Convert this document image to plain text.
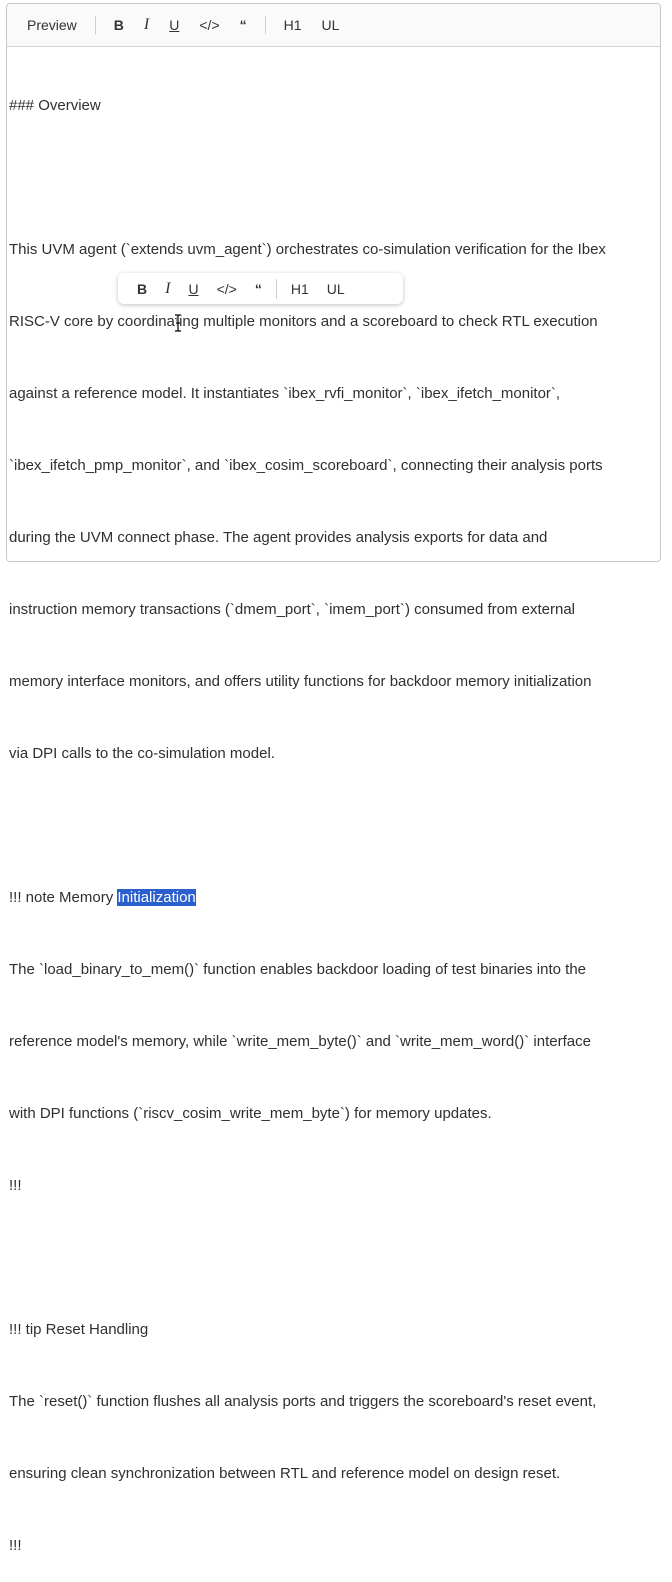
Preview	B	I	U	</>	“	H1	UL

### Overview

This UVM agent (`extends uvm_agent`) orchestrates co-simulation verification for the Ibex

RISC-V core by coordinating multiple monitors and a scoreboard to check RTL execution

against a reference model. It instantiates `ibex_rvfi_monitor`, `ibex_ifetch_monitor`,

`ibex_ifetch_pmp_monitor`, and `ibex_cosim_scoreboard`, connecting their analysis ports

during the UVM connect phase. The agent provides analysis exports for data and

instruction memory transactions (`dmem_port`, `imem_port`) consumed from external

memory interface monitors, and offers utility functions for backdoor memory initialization

via DPI calls to the co-simulation model.

!!! note Memory Initialization

The `load_binary_to_mem()` function enables backdoor loading of test binaries into the

reference model's memory, while `write_mem_byte()` and `write_mem_word()` interface

with DPI functions (`riscv_cosim_write_mem_byte`) for memory updates.

!!!

!!! tip Reset Handling

The `reset()` function flushes all analysis ports and triggers the scoreboard's reset event,

ensuring clean synchronization between RTL and reference model on design reset.

!!!

B	I	U	</>	“	H1	UL
